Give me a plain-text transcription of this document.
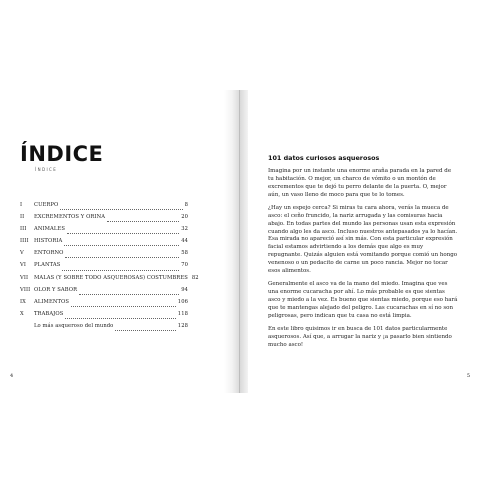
ÍNDICE
ÍNDICE
I	CUERPO	8
II	EXCREMENTOS Y ORINA	20
III	ANIMALES	32
IIII	HISTORIA	44
V	ENTORNO	58
VI	PLANTAS	70
VII	MALAS (Y SOBRE TODO ASQUEROSAS) COSTUMBRES 82
VIII OLOR Y SABOR	94
IX	ALIMENTOS	106
X	TRABAJOS	118
Lo más asqueroso del mundo	128
4
101 datos curiosos asquerosos

Imagina por un instante una enorme araña parada en la pared de tu habitación. O mejor, un charco de vómito o un montón de excrementos que te dejó tu perro delante de la puerta. O, mejor aún, un vaso lleno de moco para que te lo tomes.

¿Hay un espejo cerca? Si miras tu cara ahora, verás la mueca de asco: el ceño fruncido, la nariz arrugada y las comisuras hacia abajo. En todas partes del mundo las personas usan esta expresión cuando algo les da asco. Incluso nuestros antepasados ya lo hacían. Esa mirada no apareció así sin más. Con esta particular expresión facial estamos advirtiendo a los demás que algo es muy repugnante. Quizás alguien está vomitando porque comió un hongo venenoso o un pedacito de carne un poco rancia. Mejor no tocar esos alimentos.

Generalmente el asco va de la mano del miedo. Imagina que ves una enorme cucaracha por ahí. Lo más probable es que sientas asco y miedo a la vez. Es bueno que sientas miedo, porque eso hará que te mantengas alejado del peligro. Las cucarachas en sí no son peligrosas, pero indican que tu casa no está limpia.

En este libro quisimos ir en busca de 101 datos particularmente asquerosos. Así que, a arrugar la nariz y ¡a pasarlo bien sintiendo mucho asco!

5
